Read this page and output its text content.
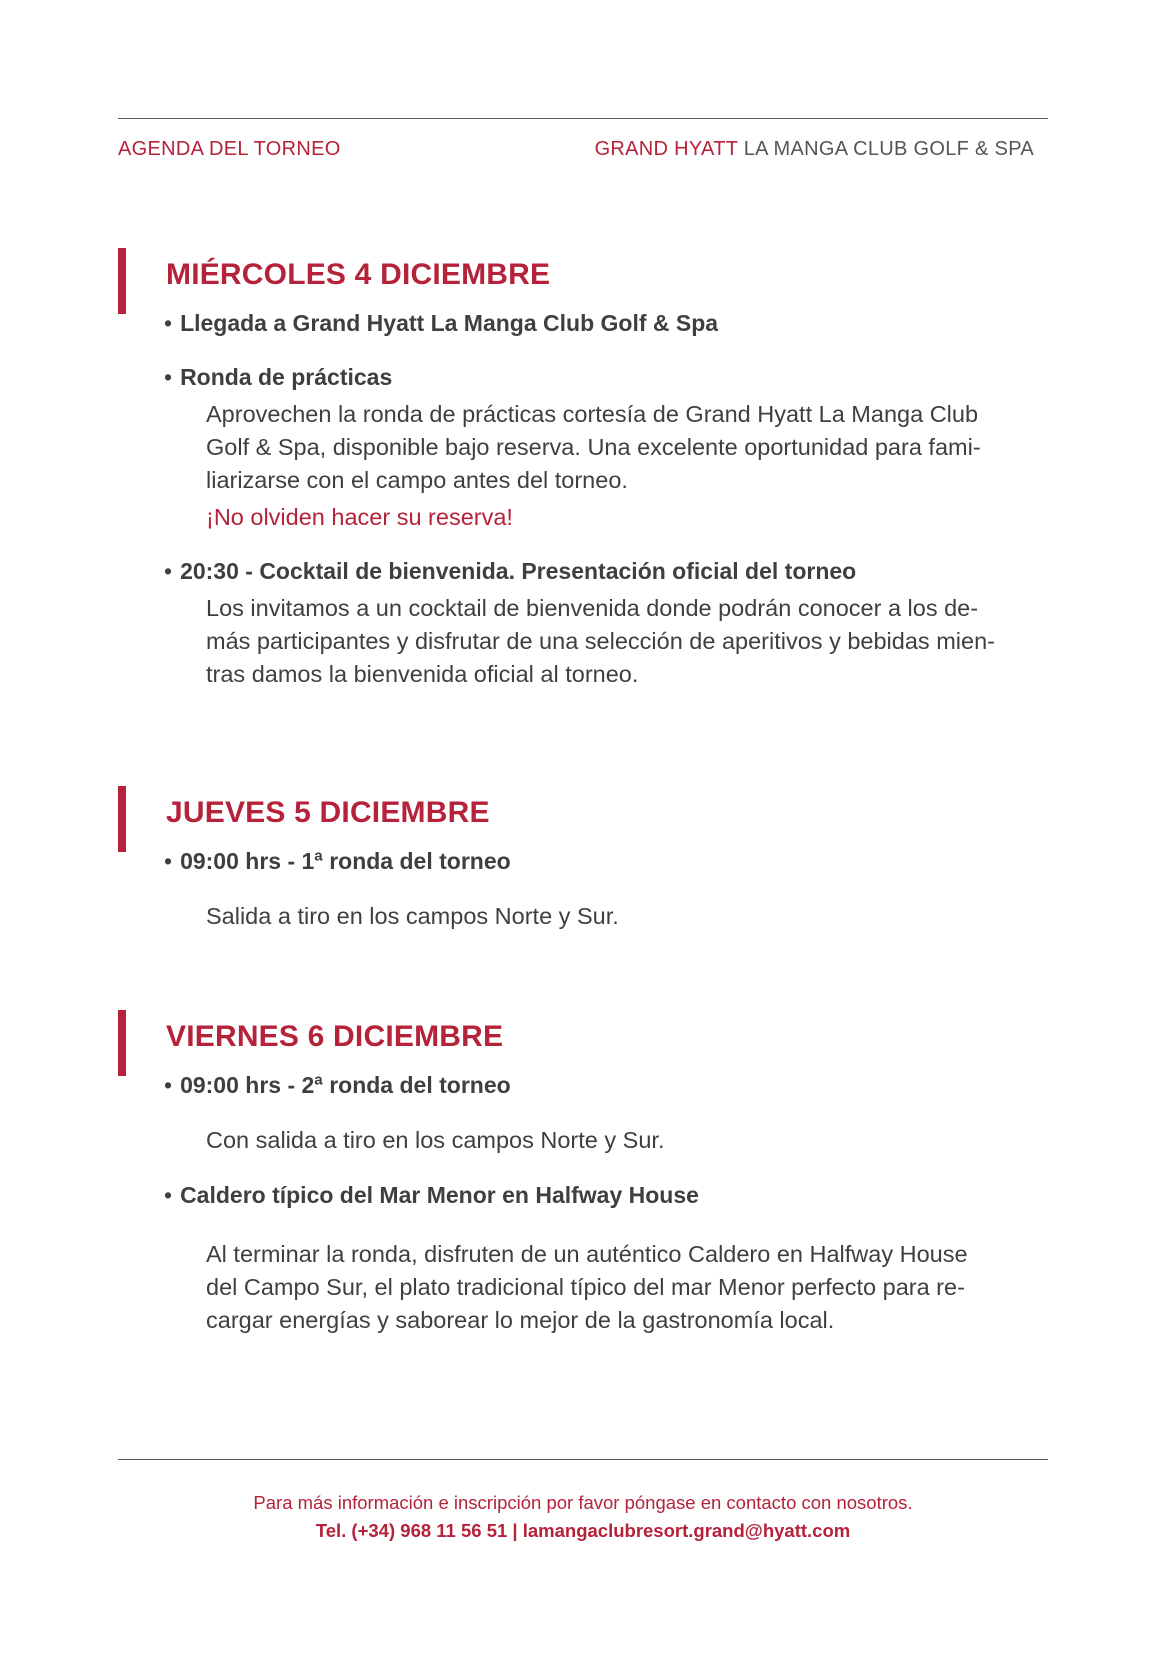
AGENDA DEL TORNEO	GRAND HYATT LA MANGA CLUB GOLF & SPA
MIÉRCOLES 4 DICIEMBRE
• Llegada a Grand Hyatt La Manga Club Golf & Spa
• Ronda de prácticas
Aprovechen la ronda de prácticas cortesía de Grand Hyatt La Manga Club
Golf & Spa, disponible bajo reserva. Una excelente oportunidad para fami-
liarizarse con el campo antes del torneo.
¡No olviden hacer su reserva!
• 20:30 - Cocktail de bienvenida. Presentación oficial del torneo
Los invitamos a un cocktail de bienvenida donde podrán conocer a los de-
más participantes y disfrutar de una selección de aperitivos y bebidas mien-
tras damos la bienvenida oficial al torneo.
JUEVES 5 DICIEMBRE
• 09:00 hrs - 1ª ronda del torneo
Salida a tiro en los campos Norte y Sur.
VIERNES 6 DICIEMBRE
• 09:00 hrs - 2ª ronda del torneo
Con salida a tiro en los campos Norte y Sur.
• Caldero típico del Mar Menor en Halfway House
Al terminar la ronda, disfruten de un auténtico Caldero en Halfway House
del Campo Sur, el plato tradicional típico del mar Menor perfecto para re-
cargar energías y saborear lo mejor de la gastronomía local.
Para más información e inscripción por favor póngase en contacto con nosotros.
Tel. (+34) 968 11 56 51 | lamangaclubresort.grand@hyatt.com
